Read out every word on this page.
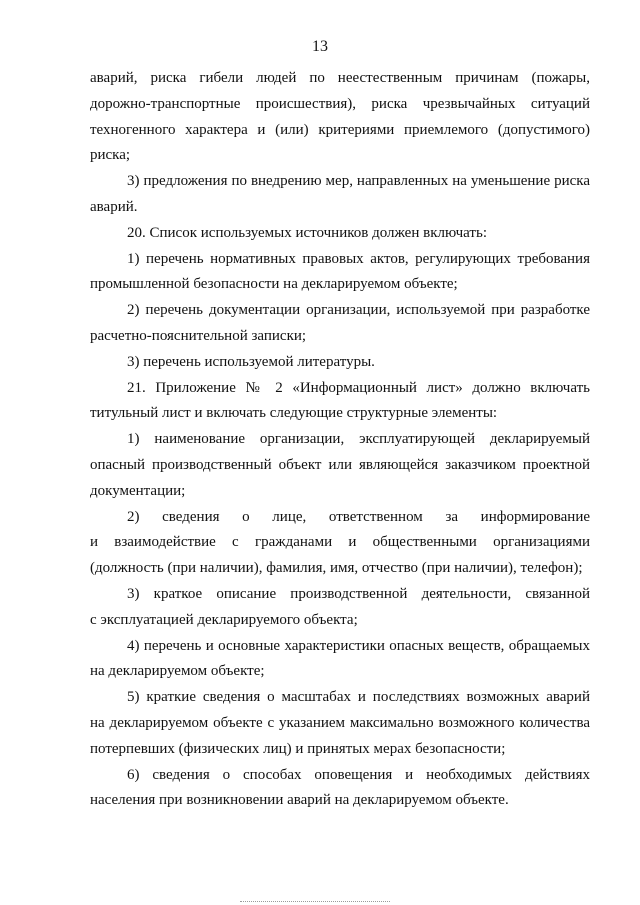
13
аварий, риска гибели людей по неестественным причинам (пожары,
дорожно-транспортные происшествия), риска чрезвычайных ситуаций
техногенного характера и (или) критериями приемлемого (допустимого)
риска;
3) предложения по внедрению мер, направленных на уменьшение риска
аварий.
20. Список используемых источников должен включать:
1) перечень нормативных правовых актов, регулирующих требования
промышленной безопасности на декларируемом объекте;
2) перечень документации организации, используемой при разработке
расчетно-пояснительной записки;
3) перечень используемой литературы.
21. Приложение № 2 «Информационный лист» должно включать
титульный лист и включать следующие структурные элементы:
1) наименование организации, эксплуатирующей декларируемый
опасный производственный объект или являющейся заказчиком проектной
документации;
2) сведения о лице, ответственном за информирование
и взаимодействие с гражданами и общественными организациями
(должность (при наличии), фамилия, имя, отчество (при наличии), телефон);
3) краткое описание производственной деятельности, связанной
с эксплуатацией декларируемого объекта;
4) перечень и основные характеристики опасных веществ, обращаемых
на декларируемом объекте;
5) краткие сведения о масштабах и последствиях возможных аварий
на декларируемом объекте с указанием максимально возможного количества
потерпевших (физических лиц) и принятых мерах безопасности;
6) сведения о способах оповещения и необходимых действиях
населения при возникновении аварий на декларируемом объекте.
